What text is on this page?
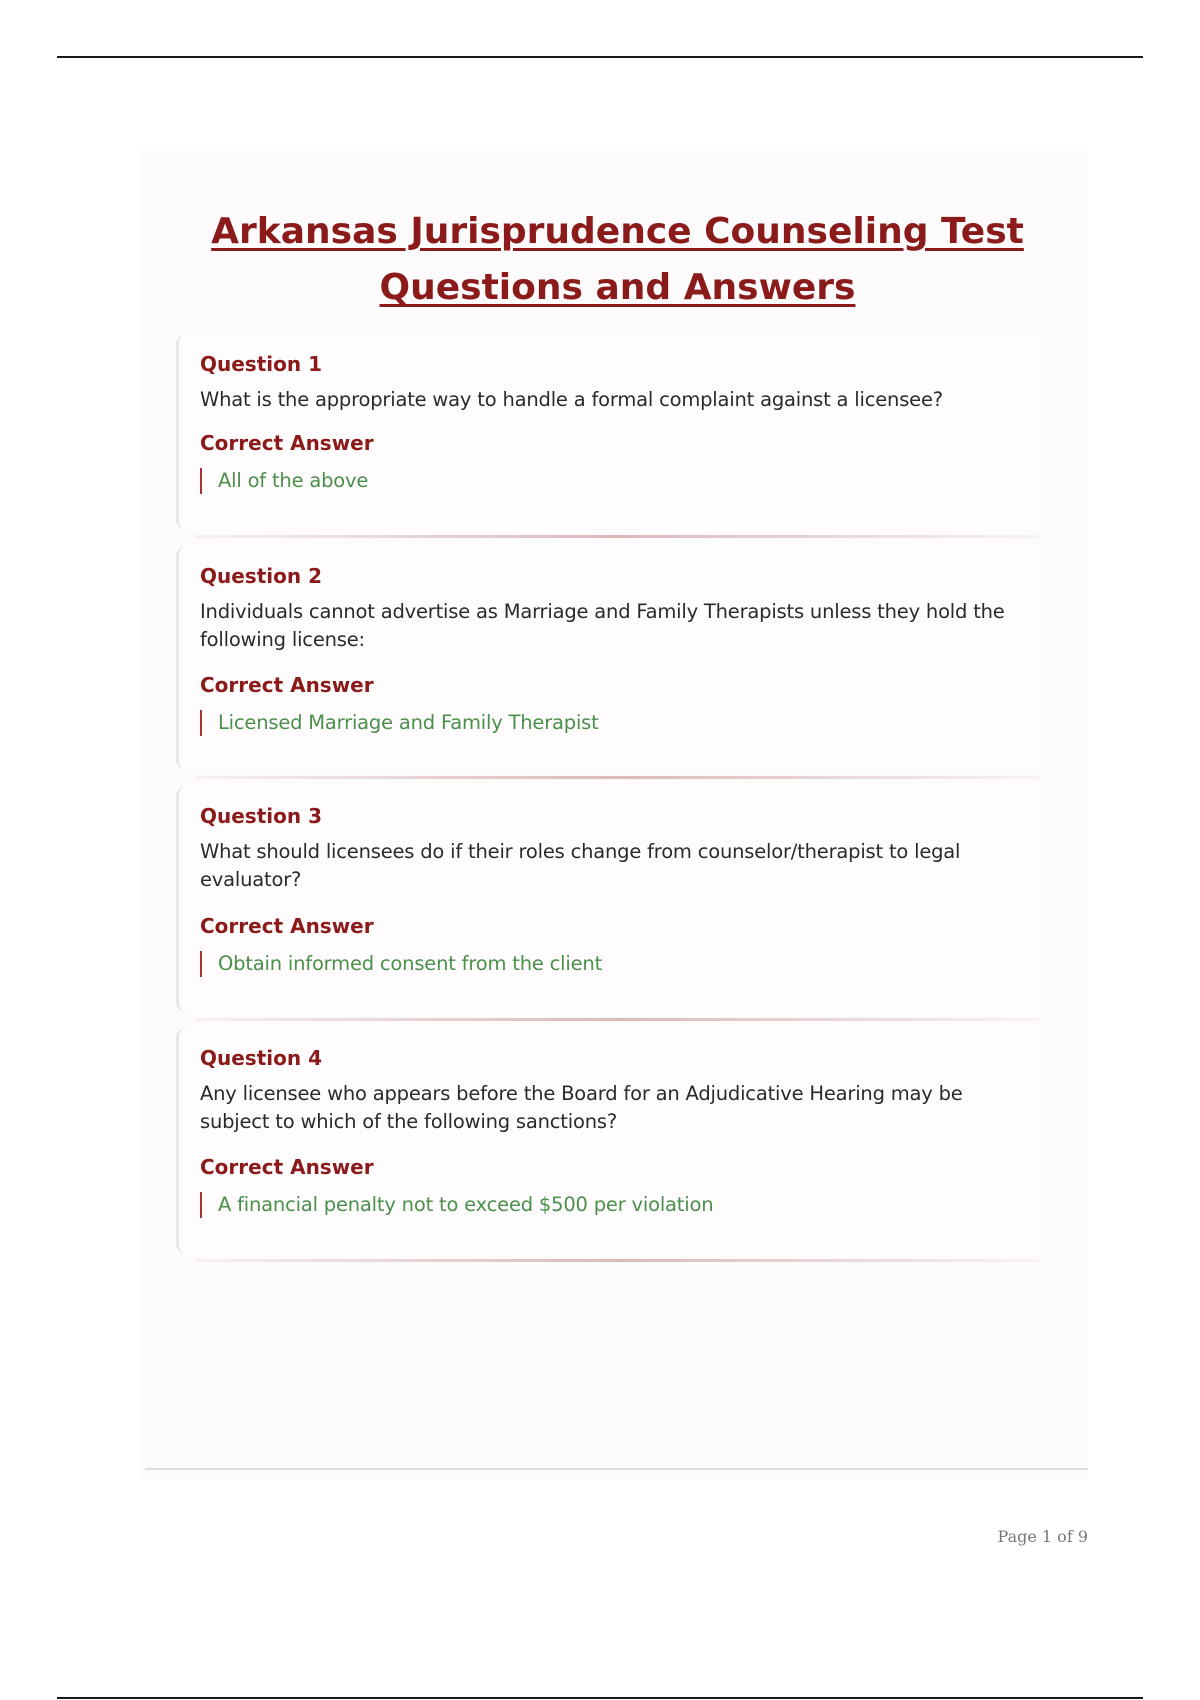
Arkansas Jurisprudence Counseling Test
Questions and Answers
Question 1
What is the appropriate way to handle a formal complaint against a licensee?
Correct Answer
All of the above
Question 2
Individuals cannot advertise as Marriage and Family Therapists unless they hold the following license:
Correct Answer
Licensed Marriage and Family Therapist
Question 3
What should licensees do if their roles change from counselor/therapist to legal evaluator?
Correct Answer
Obtain informed consent from the client
Question 4
Any licensee who appears before the Board for an Adjudicative Hearing may be subject to which of the following sanctions?
Correct Answer
A financial penalty not to exceed $500 per violation
Page 1 of 9
